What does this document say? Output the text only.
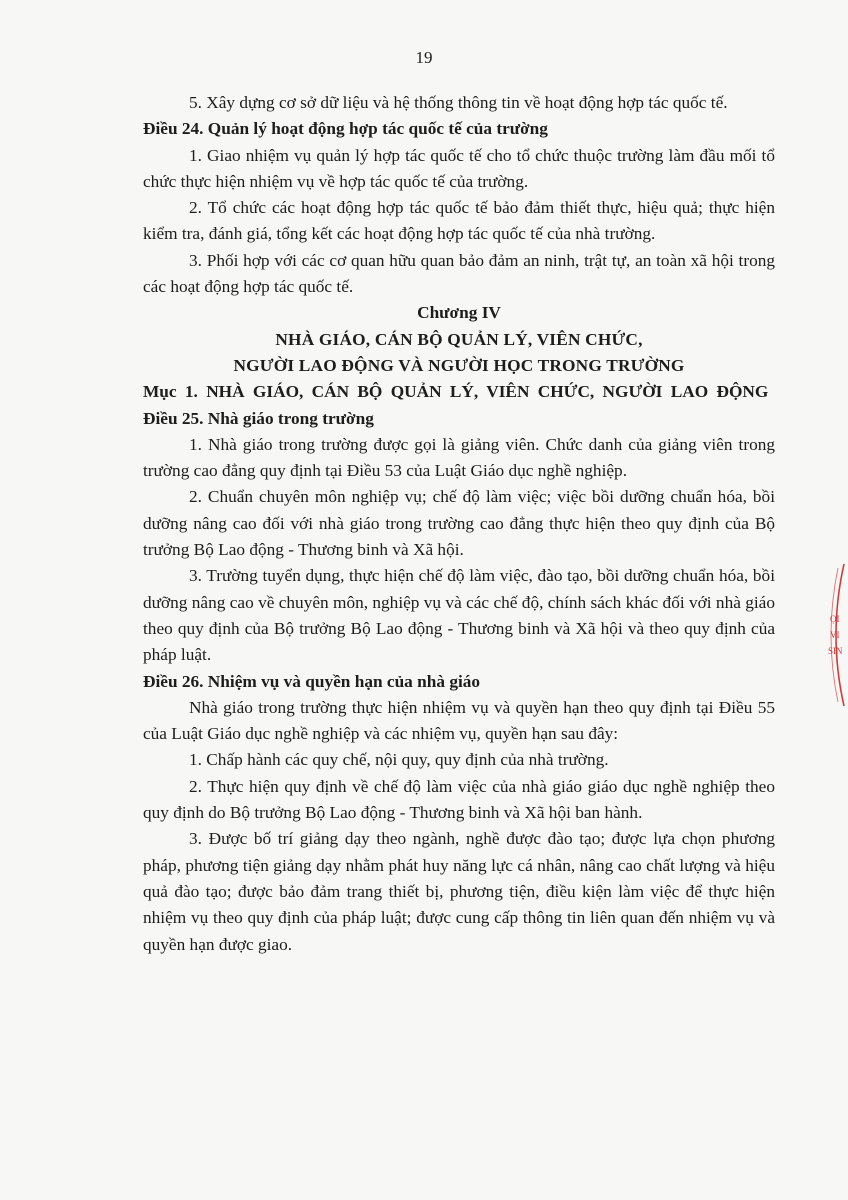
19

5. Xây dựng cơ sở dữ liệu và hệ thống thông tin về hoạt động hợp tác quốc tế.

Điều 24. Quản lý hoạt động hợp tác quốc tế của trường

1. Giao nhiệm vụ quản lý hợp tác quốc tế cho tổ chức thuộc trường làm đầu mối tổ chức thực hiện nhiệm vụ về hợp tác quốc tế của trường.

2. Tổ chức các hoạt động hợp tác quốc tế bảo đảm thiết thực, hiệu quả; thực hiện kiểm tra, đánh giá, tổng kết các hoạt động hợp tác quốc tế của nhà trường.

3. Phối hợp với các cơ quan hữu quan bảo đảm an ninh, trật tự, an toàn xã hội trong các hoạt động hợp tác quốc tế.

Chương IV

NHÀ GIÁO, CÁN BỘ QUẢN LÝ, VIÊN CHỨC,

NGƯỜI LAO ĐỘNG VÀ NGƯỜI HỌC TRONG TRƯỜNG

Mục 1. NHÀ GIÁO, CÁN BỘ QUẢN LÝ, VIÊN CHỨC, NGƯỜI LAO ĐỘNG

Điều 25. Nhà giáo trong trường

1. Nhà giáo trong trường được gọi là giảng viên. Chức danh của giảng viên trong trường cao đẳng quy định tại Điều 53 của Luật Giáo dục nghề nghiệp.

2. Chuẩn chuyên môn nghiệp vụ; chế độ làm việc; việc bồi dưỡng chuẩn hóa, bồi dưỡng nâng cao đối với nhà giáo trong trường cao đẳng thực hiện theo quy định của Bộ trưởng Bộ Lao động - Thương binh và Xã hội.

3. Trường tuyển dụng, thực hiện chế độ làm việc, đào tạo, bồi dưỡng chuẩn hóa, bồi dưỡng nâng cao về chuyên môn, nghiệp vụ và các chế độ, chính sách khác đối với nhà giáo theo quy định của Bộ trưởng Bộ Lao động - Thương binh và Xã hội và theo quy định của pháp luật.

Điều 26. Nhiệm vụ và quyền hạn của nhà giáo

Nhà giáo trong trường thực hiện nhiệm vụ và quyền hạn theo quy định tại Điều 55 của Luật Giáo dục nghề nghiệp và các nhiệm vụ, quyền hạn sau đây:

1. Chấp hành các quy chế, nội quy, quy định của nhà trường.

2. Thực hiện quy định về chế độ làm việc của nhà giáo giáo dục nghề nghiệp theo quy định do Bộ trưởng Bộ Lao động - Thương binh và Xã hội ban hành.

3. Được bố trí giảng dạy theo ngành, nghề được đào tạo; được lựa chọn phương pháp, phương tiện giảng dạy nhằm phát huy năng lực cá nhân, nâng cao chất lượng và hiệu quả đào tạo; được bảo đảm trang thiết bị, phương tiện, điều kiện làm việc để thực hiện nhiệm vụ theo quy định của pháp luật; được cung cấp thông tin liên quan đến nhiệm vụ và quyền hạn được giao.

ỌI
VI
SIN
